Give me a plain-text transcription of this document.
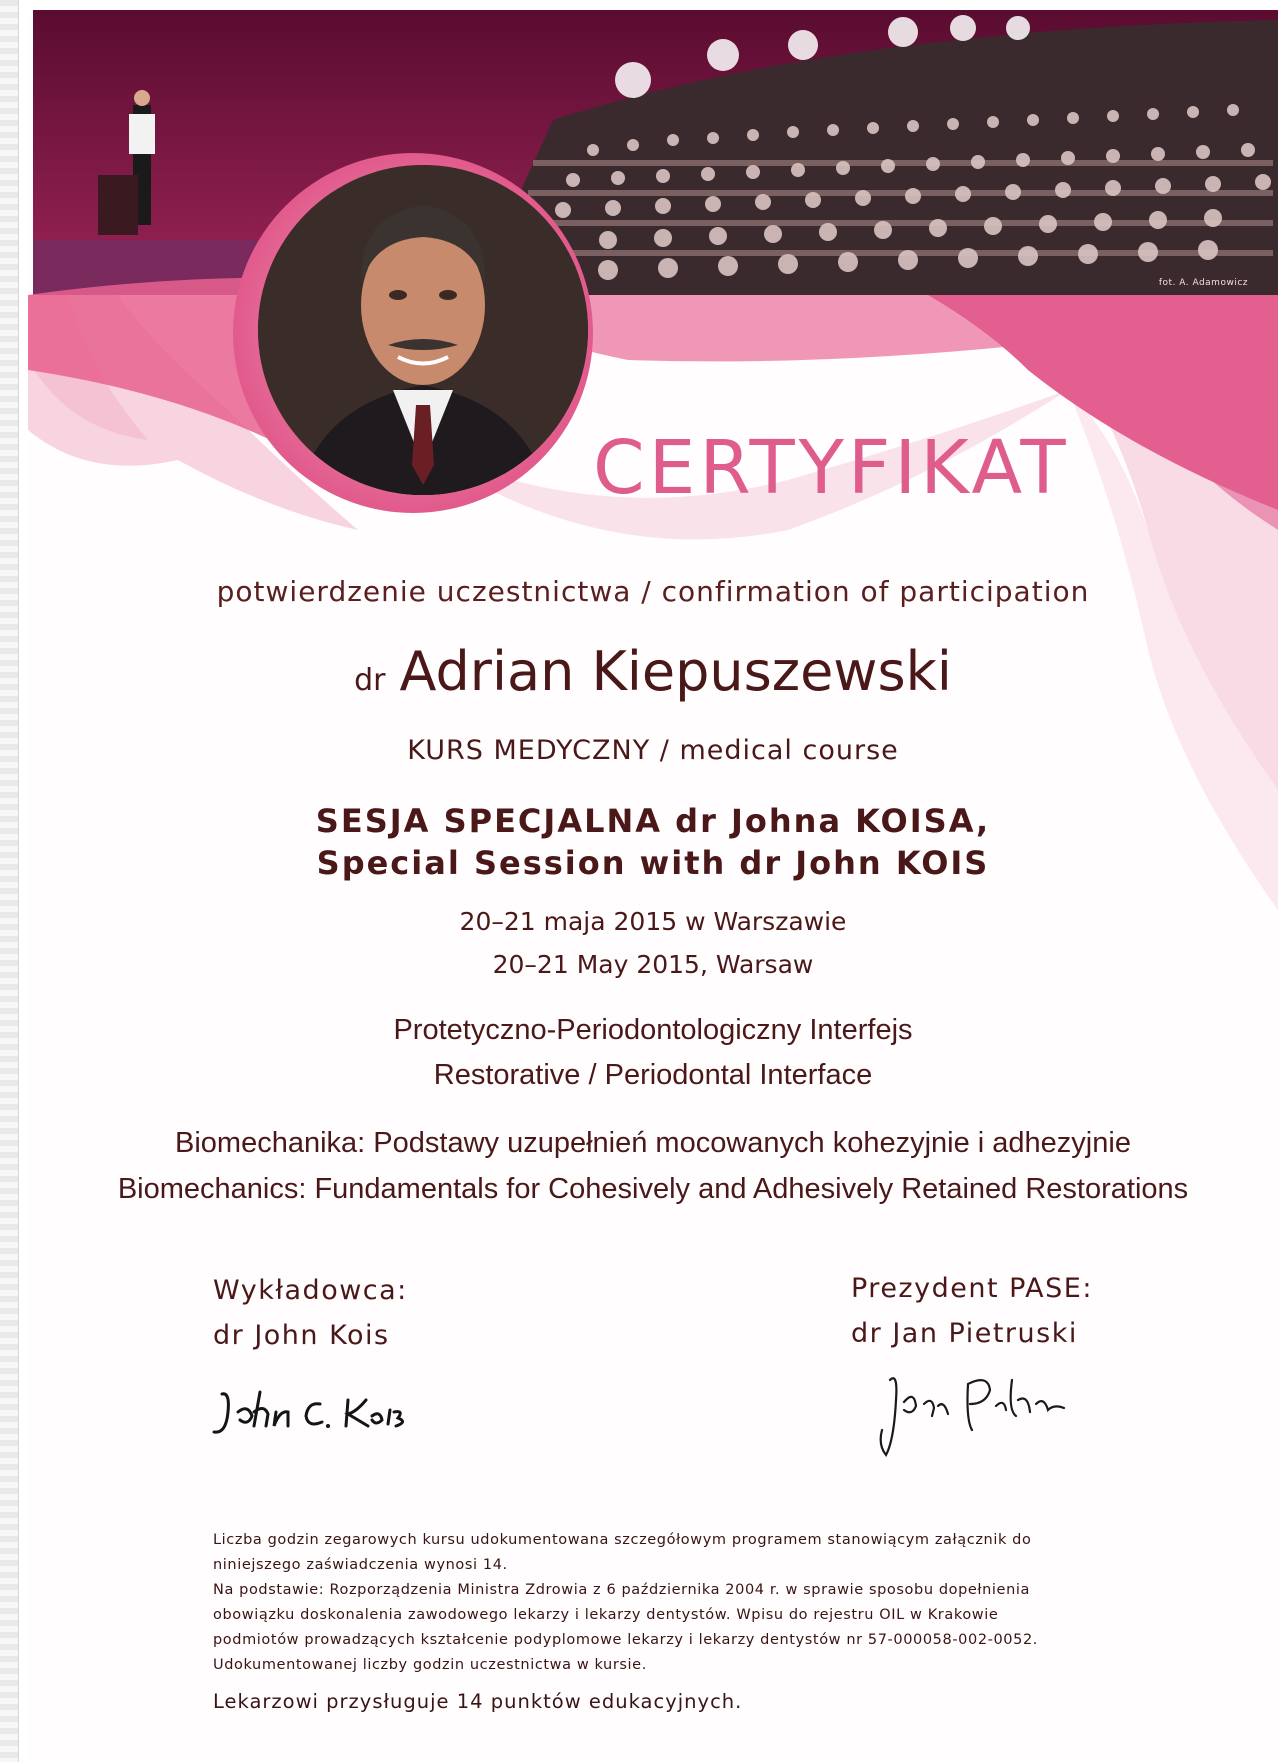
fot. A. Adamowicz
CERTYFIKAT
potwierdzenie uczestnictwa / confirmation of participation
dr Adrian Kiepuszewski
KURS MEDYCZNY / medical course
SESJA SPECJALNA dr Johna KOISA,
Special Session with dr John KOIS
20–21 maja 2015 w Warszawie
20–21 May 2015, Warsaw
Protetyczno-Periodontologiczny Interfejs
Restorative / Periodontal Interface
Biomechanika: Podstawy uzupełnień mocowanych kohezyjnie i adhezyjnie
Biomechanics: Fundamentals for Cohesively and Adhesively Retained Restorations
Wykładowca:
dr John Kois
Prezydent PASE:
dr Jan Pietruski

Liczba godzin zegarowych kursu udokumentowana szczegółowym programem stanowiącym załącznik do

niniejszego zaświadczenia wynosi 14.

Na podstawie: Rozporządzenia Ministra Zdrowia z 6 października 2004 r. w sprawie sposobu dopełnienia

obowiązku doskonalenia zawodowego lekarzy i lekarzy dentystów. Wpisu do rejestru OIL w Krakowie

podmiotów prowadzących kształcenie podyplomowe lekarzy i lekarzy dentystów nr 57-000058-002-0052.

Udokumentowanej liczby godzin uczestnictwa w kursie.

Lekarzowi przysługuje 14 punktów edukacyjnych.
